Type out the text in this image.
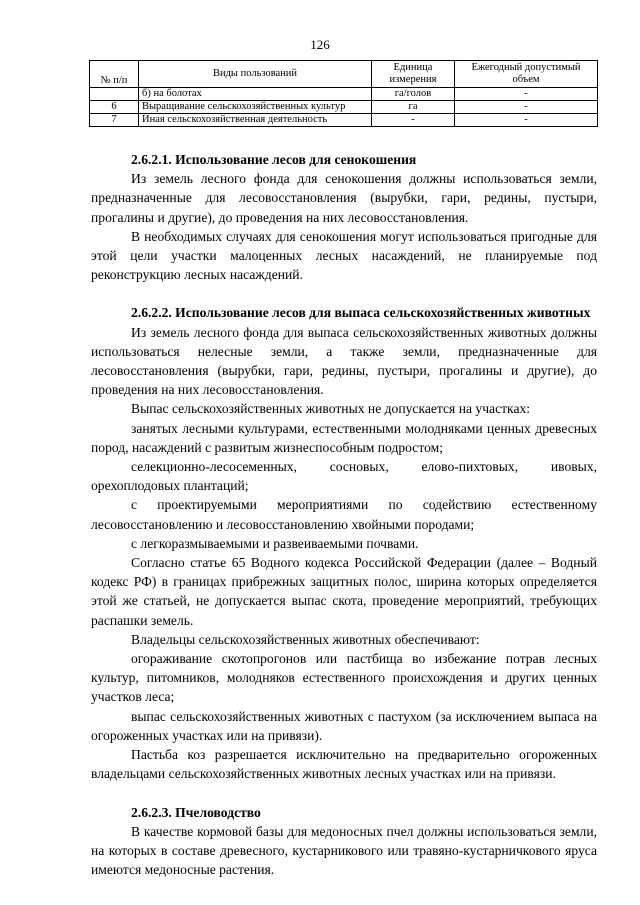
126
№ п/п	Виды пользований	Единица измерения	Ежегодный допустимый объем
	б) на болотах	га/голов	-
6	Выращивание сельскохозяйственных культур	га	-
7	Иная сельскохозяйственная деятельность	-	-

2.6.2.1. Использование лесов для сенокошения

Из земель лесного фонда для сенокошения должны использоваться земли, предназначенные для лесовосстановления (вырубки, гари, редины, пустыри, прогалины и другие), до проведения на них лесовосстановления.

В необходимых случаях для сенокошения могут использоваться пригодные для этой цели участки малоценных лесных насаждений, не планируемые под реконструкцию лесных насаждений.

2.6.2.2. Использование лесов для выпаса сельскохозяйственных животных

Из земель лесного фонда для выпаса сельскохозяйственных животных должны использоваться нелесные земли, а также земли, предназначенные для лесовосстановления (вырубки, гари, редины, пустыри, прогалины и другие), до проведения на них лесовосстановления.

Выпас сельскохозяйственных животных не допускается на участках:

занятых лесными культурами, естественными молодняками ценных древесных пород, насаждений с развитым жизнеспособным подростом;

селекционно-лесосеменных, сосновых, елово-пихтовых, ивовых, орехоплодовых плантаций;

с проектируемыми мероприятиями по содействию естественному лесовосстановлению и лесовосстановлению хвойными породами;

с легкоразмываемыми и развеиваемыми почвами.

Согласно статье 65 Водного кодекса Российской Федерации (далее – Водный кодекс РФ) в границах прибрежных защитных полос, ширина которых определяется этой же статьей, не допускается выпас скота, проведение мероприятий, требующих распашки земель.

Владельцы сельскохозяйственных животных обеспечивают:

огораживание скотопрогонов или пастбища во избежание потрав лесных культур, питомников, молодняков естественного происхождения и других ценных участков леса;

выпас сельскохозяйственных животных с пастухом (за исключением выпаса на огороженных участках или на привязи).

Пастьба коз разрешается исключительно на предварительно огороженных владельцами сельскохозяйственных животных лесных участках или на привязи.

2.6.2.3. Пчеловодство

В качестве кормовой базы для медоносных пчел должны использоваться земли, на которых в составе древесного, кустарникового или травяно-кустарничкового яруса имеются медоносные растения.
